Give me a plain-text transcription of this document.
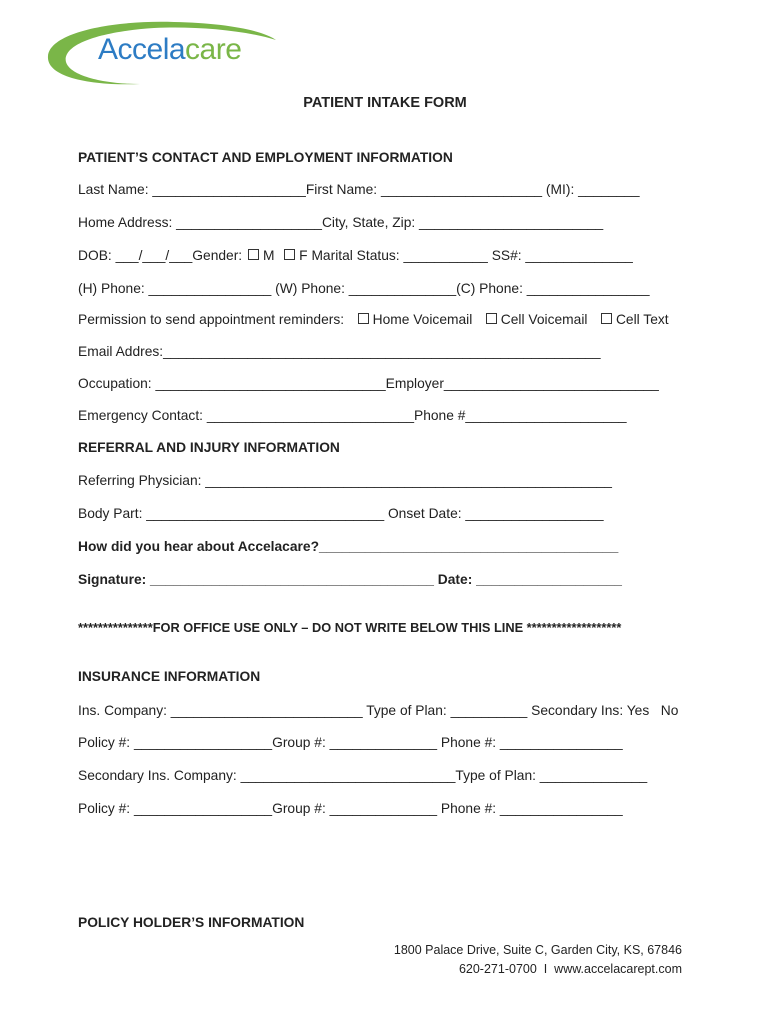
Accelacare
PATIENT INTAKE FORM
PATIENT’S CONTACT AND EMPLOYMENT INFORMATION
Last Name: ____________________First Name: _____________________ (MI): ________
Home Address: ___________________City, State, Zip: ________________________
DOB: ___/___/___Gender: M F Marital Status: ___________ SS#: ______________
(H) Phone: ________________ (W) Phone: ______________(C) Phone: ________________
Permission to send appointment reminders: Home Voicemail Cell Voicemail Cell Text
Email Addres:_________________________________________________________
Occupation: ______________________________Employer____________________________
Emergency Contact: ___________________________Phone #_____________________
REFERRAL AND INJURY INFORMATION
Referring Physician: _____________________________________________________
Body Part: _______________________________ Onset Date: __________________
How did you hear about Accelacare?_______________________________________
Signature: _____________________________________ Date: ___________________
***************FOR OFFICE USE ONLY – DO NOT WRITE BELOW THIS LINE *******************
INSURANCE INFORMATION
Ins. Company: _________________________ Type of Plan: __________ Secondary Ins: Yes   No
Policy #: __________________Group #: ______________ Phone #: ________________
Secondary Ins. Company: ____________________________Type of Plan: ______________
Policy #: __________________Group #: ______________ Phone #: ________________
POLICY HOLDER’S INFORMATION
1800 Palace Drive, Suite C, Garden City, KS, 67846
620-271-0700  I  www.accelacarept.com
